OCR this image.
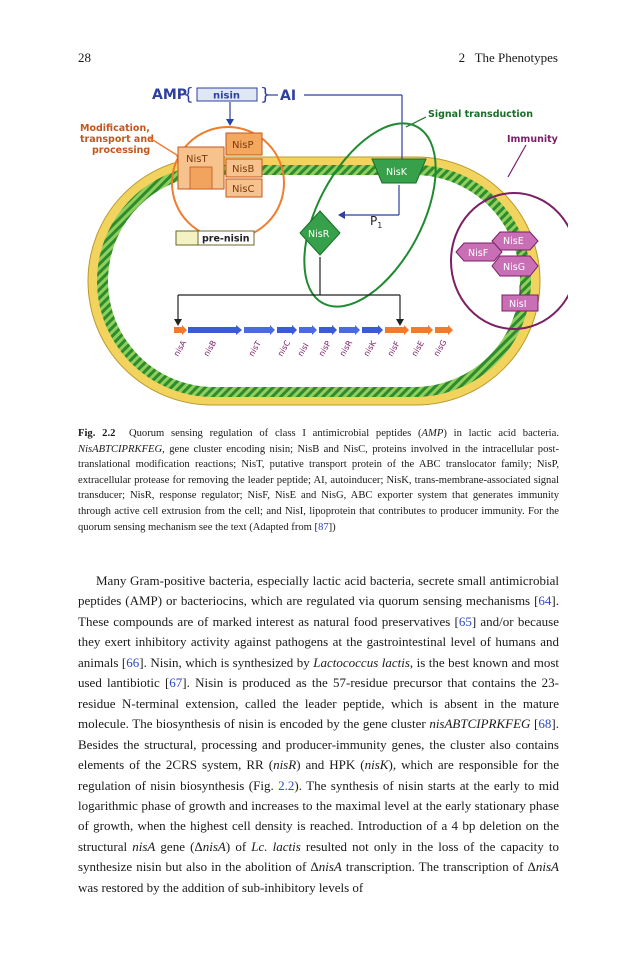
28	2   The Phenotypes
AMP
{ nisin } AI
Modification, transport and processing
NisT
NisP
NisB
NisC
pre-nisin
Signal transduction
NisK
NisR
$P_1$
Immunity
NisE
NisF
NisG
NisI
nisA nisB	nisT nisC nisI nisP nisR nisK nisF nisE nisG

Fig. 2.2 Quorum sensing regulation of class I antimicrobial peptides (AMP) in lactic acid bacteria. NisABTCIPRKFEG, gene cluster encoding nisin; NisB and NisC, proteins involved in the intracellular post-translational modification reactions; NisT, putative transport protein of the ABC translocator family; NisP, extracellular protease for removing the leader peptide; AI, autoinducer; NisK, trans-membrane-associated signal transducer; NisR, response regulator; NisF, NisE and NisG, ABC exporter system that generates immunity through active cell extrusion from the cell; and NisI, lipoprotein that contributes to producer immunity. For the quorum sensing mechanism see the text (Adapted from [87])

Many Gram-positive bacteria, especially lactic acid bacteria, secrete small antimicrobial peptides (AMP) or bacteriocins, which are regulated via quorum sensing mechanisms [64]. These compounds are of marked interest as natural food preservatives [65] and/or because they exert inhibitory activity against pathogens at the gastrointestinal level of humans and animals [66]. Nisin, which is synthesized by Lactococcus lactis, is the best known and most used lantibiotic [67]. Nisin is produced as the 57-residue precursor that contains the 23-residue N-terminal extension, called the leader peptide, which is absent in the mature molecule. The biosynthesis of nisin is encoded by the gene cluster nisABTCIPRKFEG [68]. Besides the structural, processing and producer-immunity genes, the cluster also contains elements of the 2CRS system, RR (nisR) and HPK (nisK), which are responsible for the regulation of nisin biosynthesis (Fig. 2.2). The synthesis of nisin starts at the early to mid logarithmic phase of growth and increases to the maximal level at the early stationary phase of growth, when the highest cell density is reached. Introduction of a 4 bp deletion on the structural nisA gene (ΔnisA) of Lc. lactis resulted not only in the loss of the capacity to synthesize nisin but also in the abolition of ΔnisA transcription. The transcription of ΔnisA was restored by the addition of sub-inhibitory levels of
